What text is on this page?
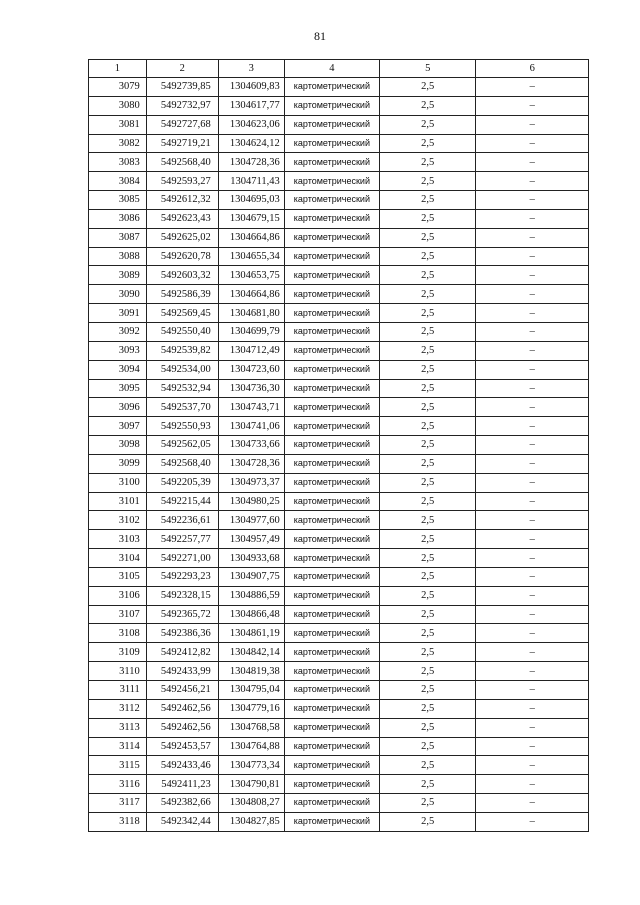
81
1	2	3	4	5	6
3079	5492739,85	1304609,83	картометрический	2,5	–
3080	5492732,97	1304617,77	картометрический	2,5	–
3081	5492727,68	1304623,06	картометрический	2,5	–
3082	5492719,21	1304624,12	картометрический	2,5	–
3083	5492568,40	1304728,36	картометрический	2,5	–
3084	5492593,27	1304711,43	картометрический	2,5	–
3085	5492612,32	1304695,03	картометрический	2,5	–
3086	5492623,43	1304679,15	картометрический	2,5	–
3087	5492625,02	1304664,86	картометрический	2,5	–
3088	5492620,78	1304655,34	картометрический	2,5	–
3089	5492603,32	1304653,75	картометрический	2,5	–
3090	5492586,39	1304664,86	картометрический	2,5	–
3091	5492569,45	1304681,80	картометрический	2,5	–
3092	5492550,40	1304699,79	картометрический	2,5	–
3093	5492539,82	1304712,49	картометрический	2,5	–
3094	5492534,00	1304723,60	картометрический	2,5	–
3095	5492532,94	1304736,30	картометрический	2,5	–
3096	5492537,70	1304743,71	картометрический	2,5	–
3097	5492550,93	1304741,06	картометрический	2,5	–
3098	5492562,05	1304733,66	картометрический	2,5	–
3099	5492568,40	1304728,36	картометрический	2,5	–
3100	5492205,39	1304973,37	картометрический	2,5	–
3101	5492215,44	1304980,25	картометрический	2,5	–
3102	5492236,61	1304977,60	картометрический	2,5	–
3103	5492257,77	1304957,49	картометрический	2,5	–
3104	5492271,00	1304933,68	картометрический	2,5	–
3105	5492293,23	1304907,75	картометрический	2,5	–
3106	5492328,15	1304886,59	картометрический	2,5	–
3107	5492365,72	1304866,48	картометрический	2,5	–
3108	5492386,36	1304861,19	картометрический	2,5	–
3109	5492412,82	1304842,14	картометрический	2,5	–
3110	5492433,99	1304819,38	картометрический	2,5	–
3111	5492456,21	1304795,04	картометрический	2,5	–
3112	5492462,56	1304779,16	картометрический	2,5	–
3113	5492462,56	1304768,58	картометрический	2,5	–
3114	5492453,57	1304764,88	картометрический	2,5	–
3115	5492433,46	1304773,34	картометрический	2,5	–
3116	5492411,23	1304790,81	картометрический	2,5	–
3117	5492382,66	1304808,27	картометрический	2,5	–
3118	5492342,44	1304827,85	картометрический	2,5	–
